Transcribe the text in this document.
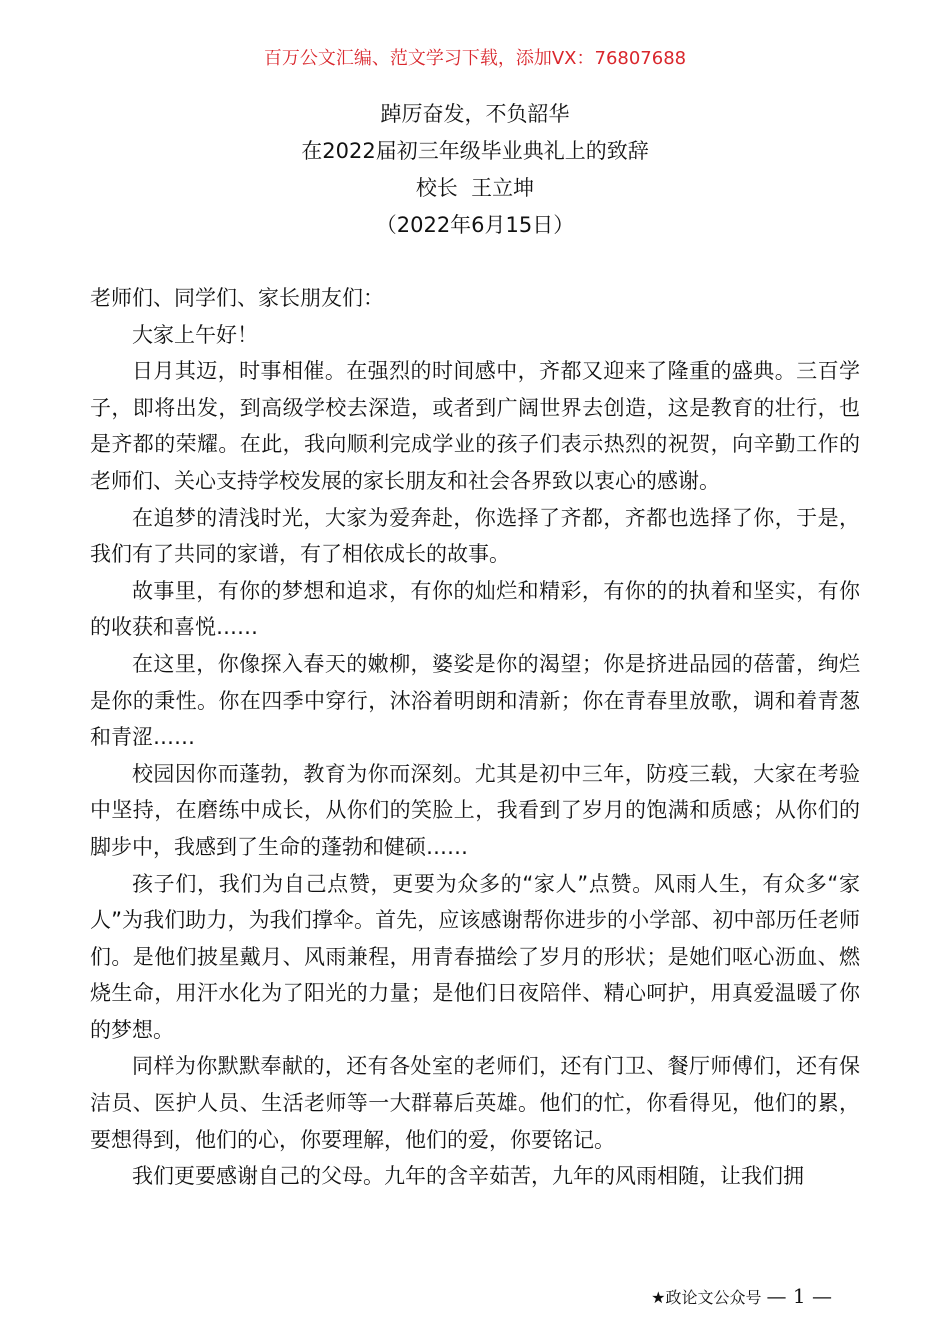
百万公文汇编、范文学习下载，添加VX：76807688
踔厉奋发，不负韶华
在2022届初三年级毕业典礼上的致辞
校长  王立坤
（2022年6月15日）

老师们、同学们、家长朋友们：

大家上午好！

日月其迈，时事相催。在强烈的时间感中，齐都又迎来了隆重的盛典。三百学子，即将出发，到高级学校去深造，或者到广阔世界去创造，这是教育的壮行，也是齐都的荣耀。在此，我向顺利完成学业的孩子们表示热烈的祝贺，向辛勤工作的老师们、关心支持学校发展的家长朋友和社会各界致以衷心的感谢。

在追梦的清浅时光，大家为爱奔赴，你选择了齐都，齐都也选择了你，于是，我们有了共同的家谱，有了相依成长的故事。

故事里，有你的梦想和追求，有你的灿烂和精彩，有你的的执着和坚实，有你的收获和喜悦……

在这里，你像探入春天的嫩柳，婆娑是你的渴望；你是挤进品园的蓓蕾，绚烂是你的秉性。你在四季中穿行，沐浴着明朗和清新；你在青春里放歌，调和着青葱和青涩……

校园因你而蓬勃，教育为你而深刻。尤其是初中三年，防疫三载，大家在考验中坚持，在磨练中成长，从你们的笑脸上，我看到了岁月的饱满和质感；从你们的脚步中，我感到了生命的蓬勃和健硕……

孩子们，我们为自己点赞，更要为众多的“家人”点赞。风雨人生，有众多“家人”为我们助力，为我们撑伞。首先，应该感谢帮你进步的小学部、初中部历任老师们。是他们披星戴月、风雨兼程，用青春描绘了岁月的形状；是她们呕心沥血、燃烧生命，用汗水化为了阳光的力量；是他们日夜陪伴、精心呵护，用真爱温暖了你的梦想。

同样为你默默奉献的，还有各处室的老师们，还有门卫、餐厅师傅们，还有保洁员、医护人员、生活老师等一大群幕后英雄。他们的忙，你看得见，他们的累，要想得到，他们的心，你要理解，他们的爱，你要铭记。

我们更要感谢自己的父母。九年的含辛茹苦，九年的风雨相随，让我们拥

★政论文公众号 — 1 —
